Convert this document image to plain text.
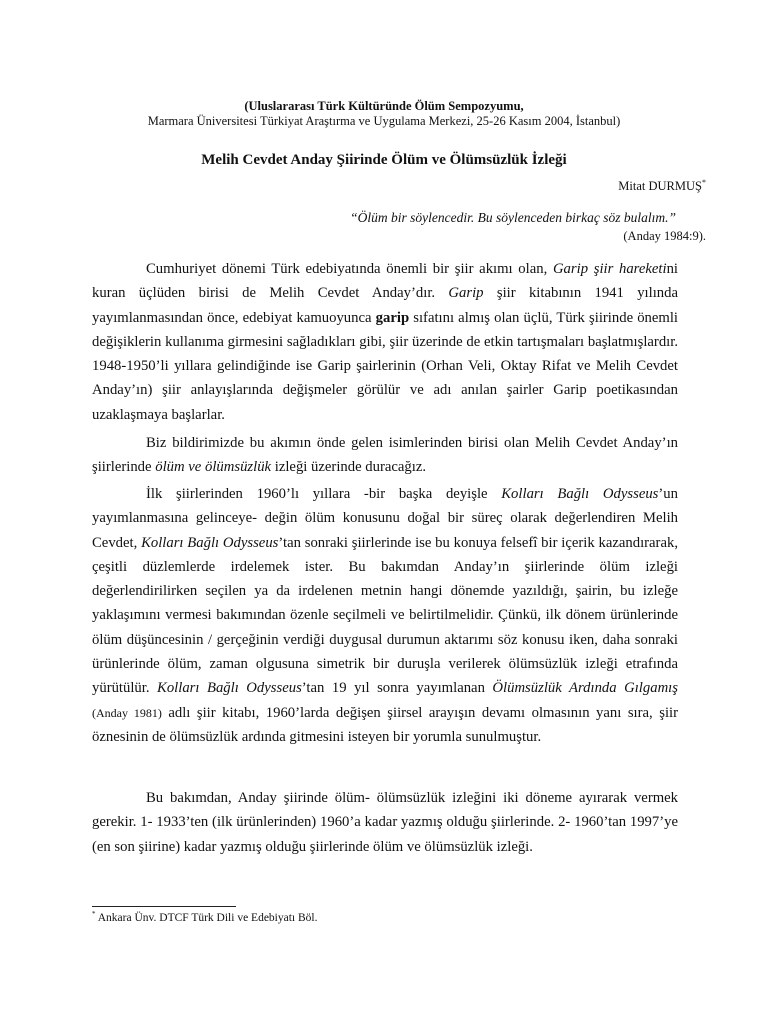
(Uluslararası Türk Kültüründe Ölüm Sempozyumu,
Marmara Üniversitesi Türkiyat Araştırma ve Uygulama Merkezi, 25-26 Kasım 2004, İstanbul)
Melih Cevdet Anday Şiirinde Ölüm ve Ölümsüzlük İzleği
Mitat DURMUŞ*
“Ölüm bir söylencedir. Bu söylenceden birkaç söz bulalım.”
(Anday 1984:9).

Cumhuriyet dönemi Türk edebiyatında önemli bir şiir akımı olan, Garip şiir hareketini kuran üçlüden birisi de Melih Cevdet Anday’dır. Garip şiir kitabının 1941 yılında yayımlanmasından önce, edebiyat kamuoyunca garip sıfatını almış olan üçlü, Türk şiirinde önemli değişiklerin kullanıma girmesini sağladıkları gibi, şiir üzerinde de etkin tartışmaları başlatmışlardır. 1948-1950’li yıllara gelindiğinde ise Garip şairlerinin (Orhan Veli, Oktay Rifat ve Melih Cevdet Anday’ın) şiir anlayışlarında değişmeler görülür ve adı anılan şairler Garip poetikasından uzaklaşmaya başlarlar.

Biz bildirimizde bu akımın önde gelen isimlerinden birisi olan Melih Cevdet Anday’ın şiirlerinde ölüm ve ölümsüzlük izleği üzerinde duracağız.

İlk şiirlerinden 1960’lı yıllara -bir başka deyişle Kolları Bağlı Odysseus’un yayımlanmasına gelinceye- değin ölüm konusunu doğal bir süreç olarak değerlendiren Melih Cevdet, Kolları Bağlı Odysseus’tan sonraki şiirlerinde ise bu konuya felsefî bir içerik kazandırarak, çeşitli düzlemlerde irdelemek ister. Bu bakımdan Anday’ın şiirlerinde ölüm izleği değerlendirilirken seçilen ya da irdelenen metnin hangi dönemde yazıldığı, şairin, bu izleğe yaklaşımını vermesi bakımından özenle seçilmeli ve belirtilmelidir. Çünkü, ilk dönem ürünlerinde ölüm düşüncesinin / gerçeğinin verdiği duygusal durumun aktarımı söz konusu iken, daha sonraki ürünlerinde ölüm, zaman olgusuna simetrik bir duruşla verilerek ölümsüzlük izleği etrafında yürütülür. Kolları Bağlı Odysseus’tan 19 yıl sonra yayımlanan Ölümsüzlük Ardında Gılgamış (Anday 1981) adlı şiir kitabı, 1960’larda değişen şiirsel arayışın devamı olmasının yanı sıra, şiir öznesinin de ölümsüzlük ardında gitmesini isteyen bir yorumla sunulmuştur.

Bu bakımdan, Anday şiirinde ölüm- ölümsüzlük izleğini iki döneme ayırarak vermek gerekir. 1- 1933’ten (ilk ürünlerinden) 1960’a kadar yazmış olduğu şiirlerinde. 2- 1960’tan 1997’ye (en son şiirine) kadar yazmış olduğu şiirlerinde ölüm ve ölümsüzlük izleği.

* Ankara Ünv. DTCF Türk Dili ve Edebiyatı Böl.
